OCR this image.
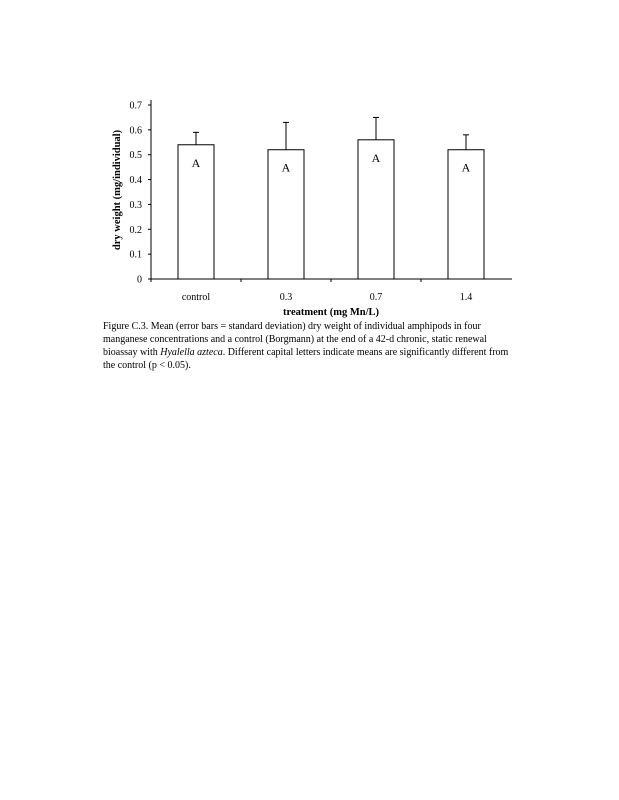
0
0.1
0.2
0.3
0.4
0.5
0.6
0.7
A	A
A
A
control	0.3	0.7	1.4
treatment (mg Mn/L)
dry weight (mg/individual)

Figure C.3. Mean (error bars = standard deviation) dry weight of individual amphipods in four manganese concentrations and a control (Borgmann) at the end of a 42-d chronic, static renewal bioassay with Hyalella azteca. Different capital letters indicate means are significantly different from the control (p < 0.05).
